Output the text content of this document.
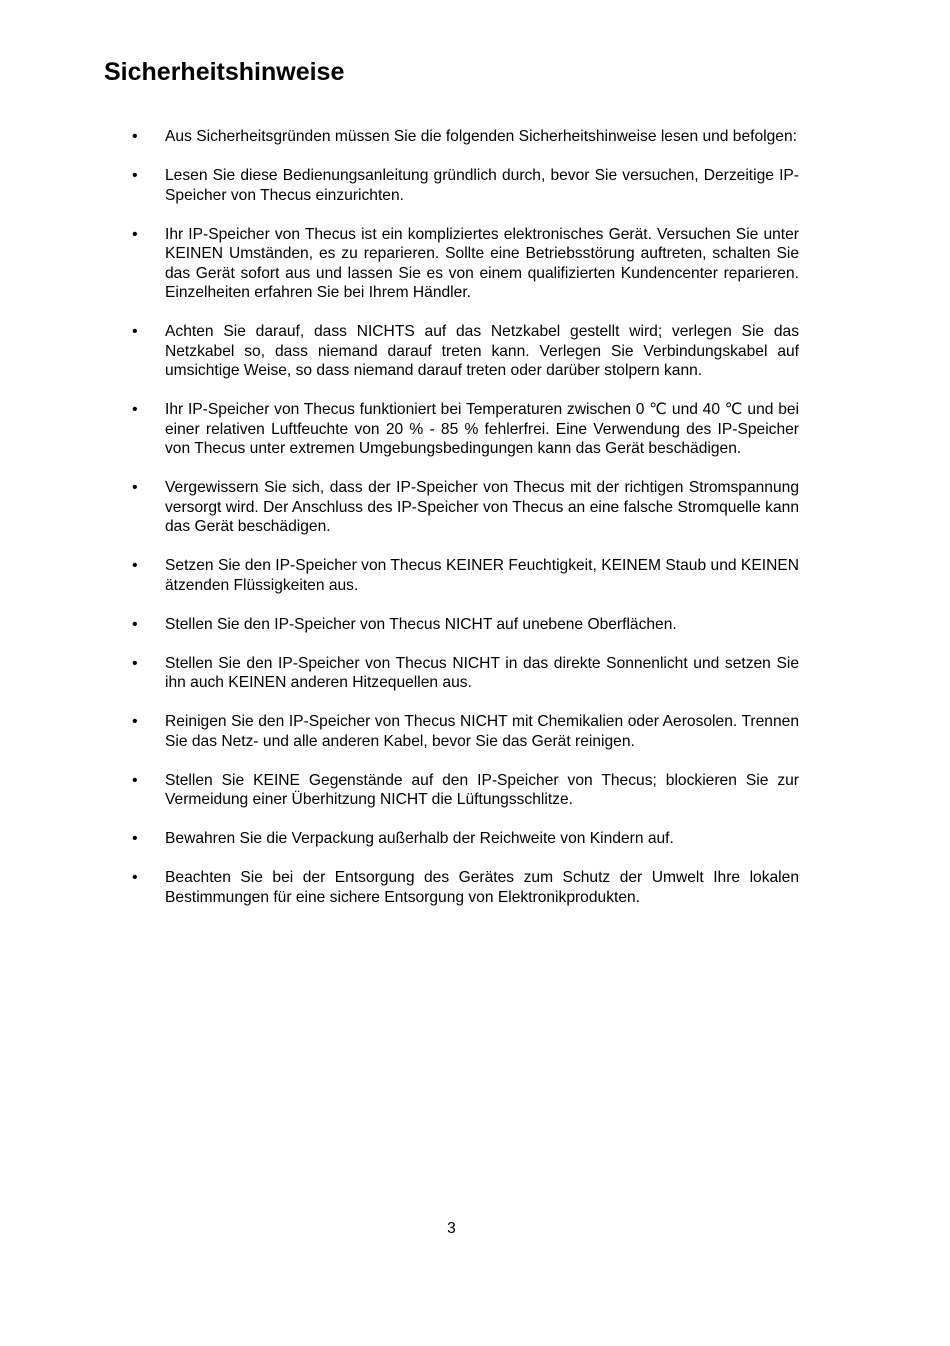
Sicherheitshinweise
• Aus Sicherheitsgründen müssen Sie die folgenden Sicherheitshinweise lesen und befolgen:
• Lesen Sie diese Bedienungsanleitung gründlich durch, bevor Sie versuchen, Derzeitige IP-Speicher von Thecus einzurichten.
• Ihr IP-Speicher von Thecus ist ein kompliziertes elektronisches Gerät. Versuchen Sie unter KEINEN Umständen, es zu reparieren. Sollte eine Betriebsstörung auftreten, schalten Sie das Gerät sofort aus und lassen Sie es von einem qualifizierten Kundencenter reparieren. Einzelheiten erfahren Sie bei Ihrem Händler.
• Achten Sie darauf, dass NICHTS auf das Netzkabel gestellt wird; verlegen Sie das Netzkabel so, dass niemand darauf treten kann. Verlegen Sie Verbindungskabel auf umsichtige Weise, so dass niemand darauf treten oder darüber stolpern kann.
• Ihr IP-Speicher von Thecus funktioniert bei Temperaturen zwischen 0 ℃ und 40 ℃ und bei einer relativen Luftfeuchte von 20 % - 85 % fehlerfrei. Eine Verwendung des IP-Speicher von Thecus unter extremen Umgebungsbedingungen kann das Gerät beschädigen.
• Vergewissern Sie sich, dass der IP-Speicher von Thecus mit der richtigen Stromspannung versorgt wird. Der Anschluss des IP-Speicher von Thecus an eine falsche Stromquelle kann das Gerät beschädigen.
• Setzen Sie den IP-Speicher von Thecus KEINER Feuchtigkeit, KEINEM Staub und KEINEN ätzenden Flüssigkeiten aus.
• Stellen Sie den IP-Speicher von Thecus NICHT auf unebene Oberflächen.
• Stellen Sie den IP-Speicher von Thecus NICHT in das direkte Sonnenlicht und setzen Sie ihn auch KEINEN anderen Hitzequellen aus.
• Reinigen Sie den IP-Speicher von Thecus NICHT mit Chemikalien oder Aerosolen. Trennen Sie das Netz- und alle anderen Kabel, bevor Sie das Gerät reinigen.
• Stellen Sie KEINE Gegenstände auf den IP-Speicher von Thecus; blockieren Sie zur Vermeidung einer Überhitzung NICHT die Lüftungsschlitze.
• Bewahren Sie die Verpackung außerhalb der Reichweite von Kindern auf.
• Beachten Sie bei der Entsorgung des Gerätes zum Schutz der Umwelt Ihre lokalen Bestimmungen für eine sichere Entsorgung von Elektronikprodukten.
3
